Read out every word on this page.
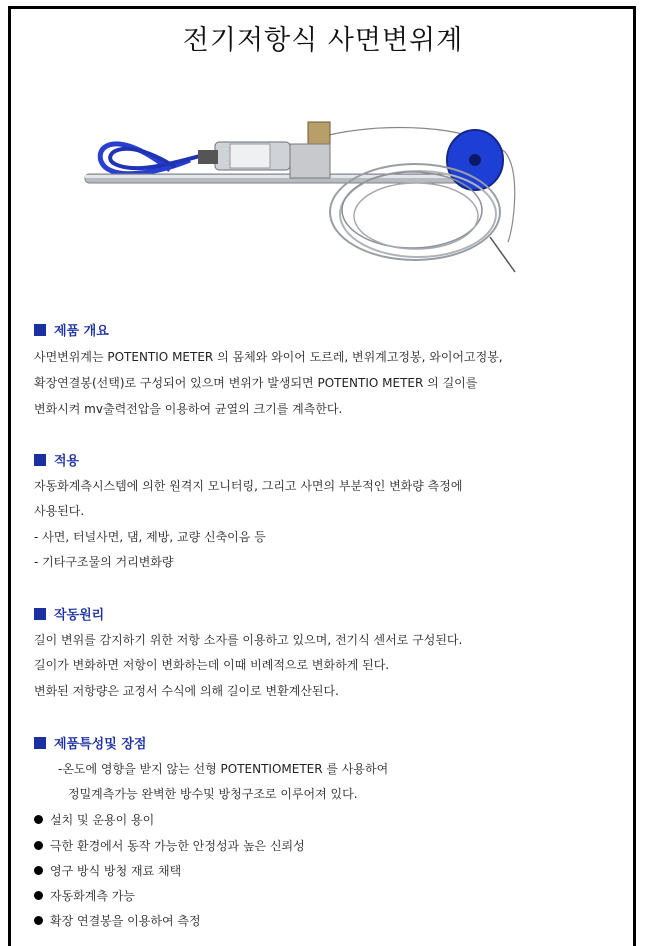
전기저항식 사면변위계
제품 개요
사면변위계는 POTENTIO METER 의 몸체와 와이어 도르레, 변위계고정봉, 와이어고정봉,
확장연결봉(선택)로 구성되어 있으며 변위가 발생되면 POTENTIO METER 의 길이를
변화시켜 mv출력전압을 이용하여 균열의 크기를 계측한다.
적용
자동화계측시스템에 의한 원격지 모니터링, 그리고 사면의 부분적인 변화량 측정에
사용된다.
- 사면, 터널사면, 댐, 제방, 교량 신축이음 등
- 기타구조물의 거리변화량
작동원리
길이 변위를 감지하기 위한 저항 소자를 이용하고 있으며, 전기식 센서로 구성된다.
길이가 변화하면 저항이 변화하는데 이때 비례적으로 변화하게 된다.
변화된 저항량은 교정서 수식에 의해 길이로 변환계산된다.
제품특성및 장점
-온도에 영향을 받지 않는 선형 POTENTIOMETER 를 사용하여
정밀계측가능 완벽한 방수및 방청구조로 이루어져 있다.
설치 및 운용이 용이
극한 환경에서 동작 가능한 안정성과 높은 신뢰성
영구 방식 방청 재료 채택
자동화계측 가능
확장 연결봉을 이용하여 측정
